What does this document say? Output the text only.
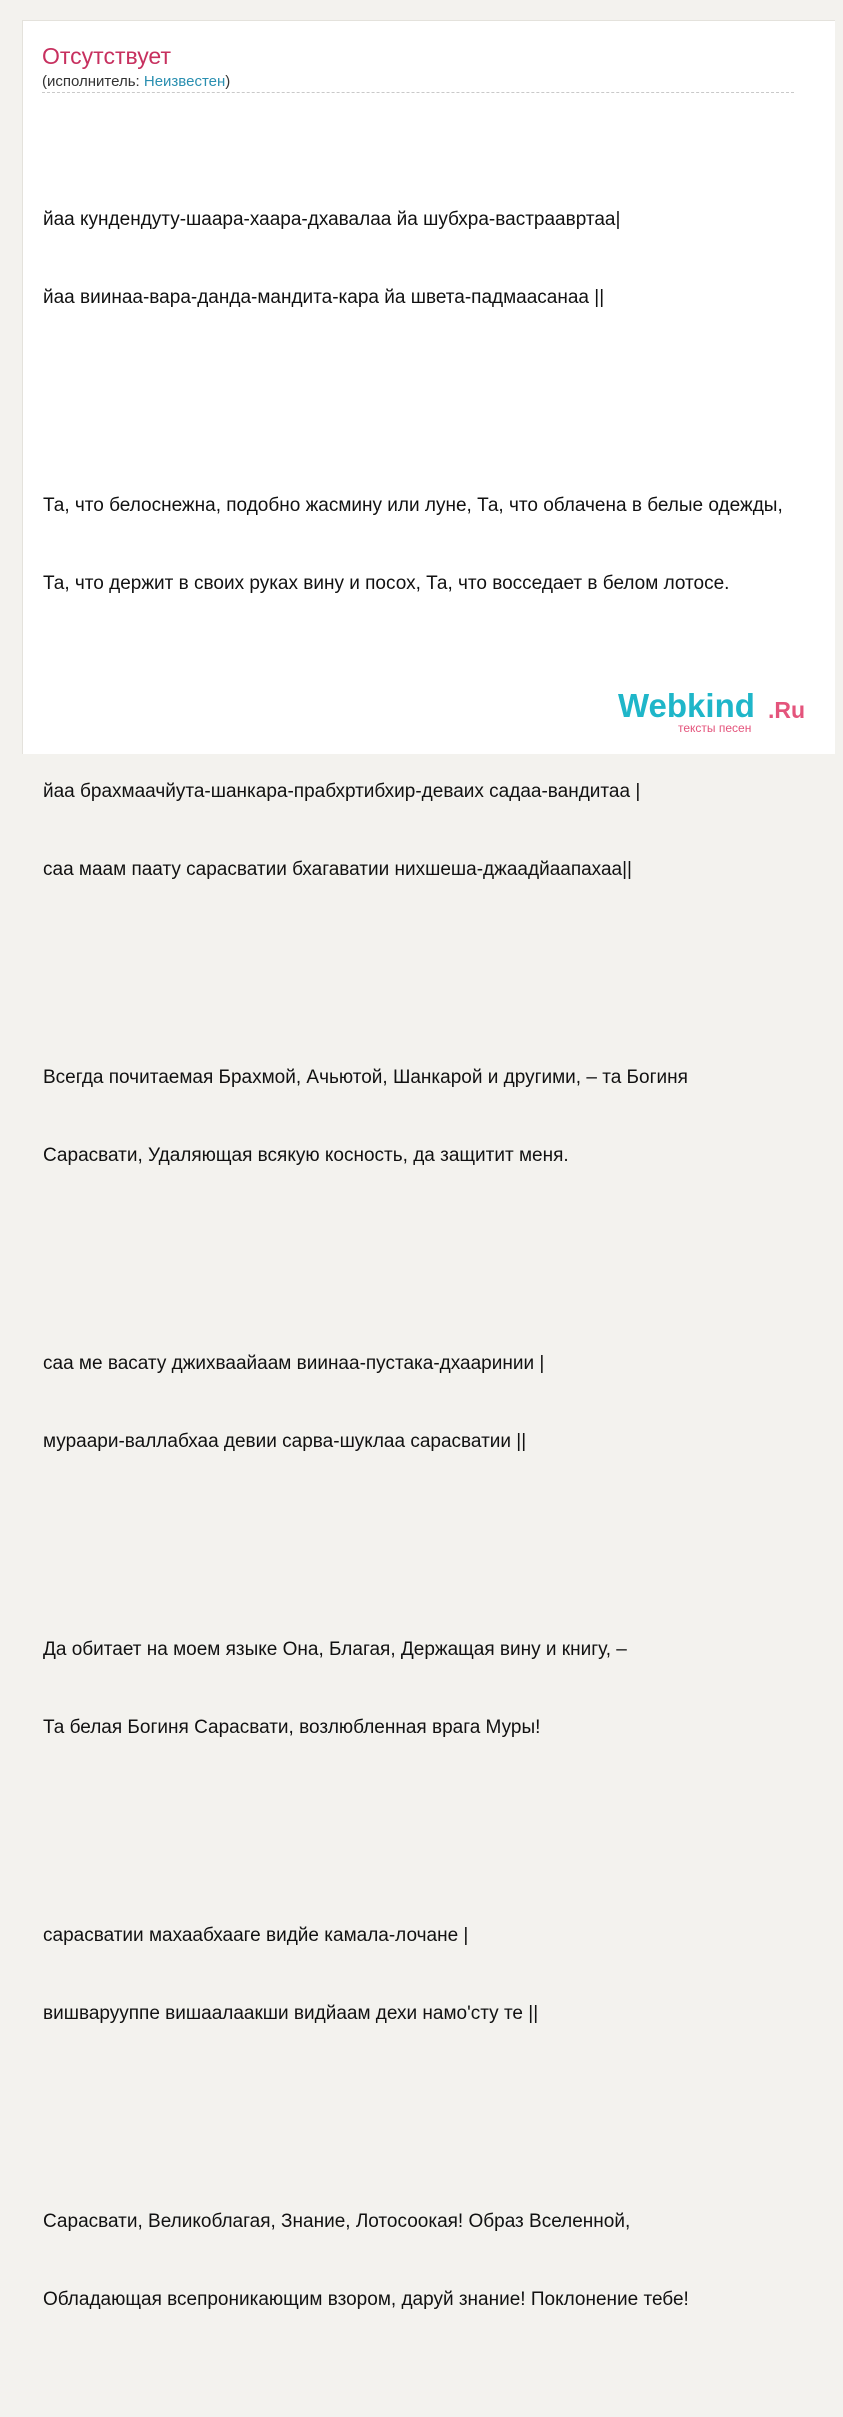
Отсутствует
(исполнитель: Неизвестен)

йаа кундендуту-шаара-хаара-дхавалаа йа шубхра-вастраавртаа|

йаа виинаа-вара-данда-мандита-кара йа швета-падмаасанаа ||

Та, что белоснежна, подобно жасмину или луне, Та, что облачена в белые одежды,

Та, что держит в своих руках вину и посох, Та, что восседает в белом лотосе.

йаа брахмаачйута-шанкара-прабхртибхир-деваих садаа-вандитаа |

саа маам паату сарасватии бхагаватии нихшеша-джаадйаапахаа||

Всегда почитаемая Брахмой, Ачьютой, Шанкарой и другими, – та Богиня

Сарасвати, Удаляющая всякую косность, да защитит меня.

саа ме васату джихваайаам виинаа-пустака-дхааринии |

мураари-валлабхаа девии сарва-шуклаа сарасватии ||

Да обитает на моем языке Она, Благая, Держащая вину и книгу, –

Та белая Богиня Сарасвати, возлюбленная врага Муры!

сарасватии махаабхааге видйе камала-лочане |

вишварууппе вишаалаакши видйаам дехи намо'сту те ||

Сарасвати, Великоблагая, Знание, Лотосоокая! Образ Вселенной,

Обладающая всепроникающим взором, даруй знание! Поклонение тебе!

Webkind .Ru
тексты песен
